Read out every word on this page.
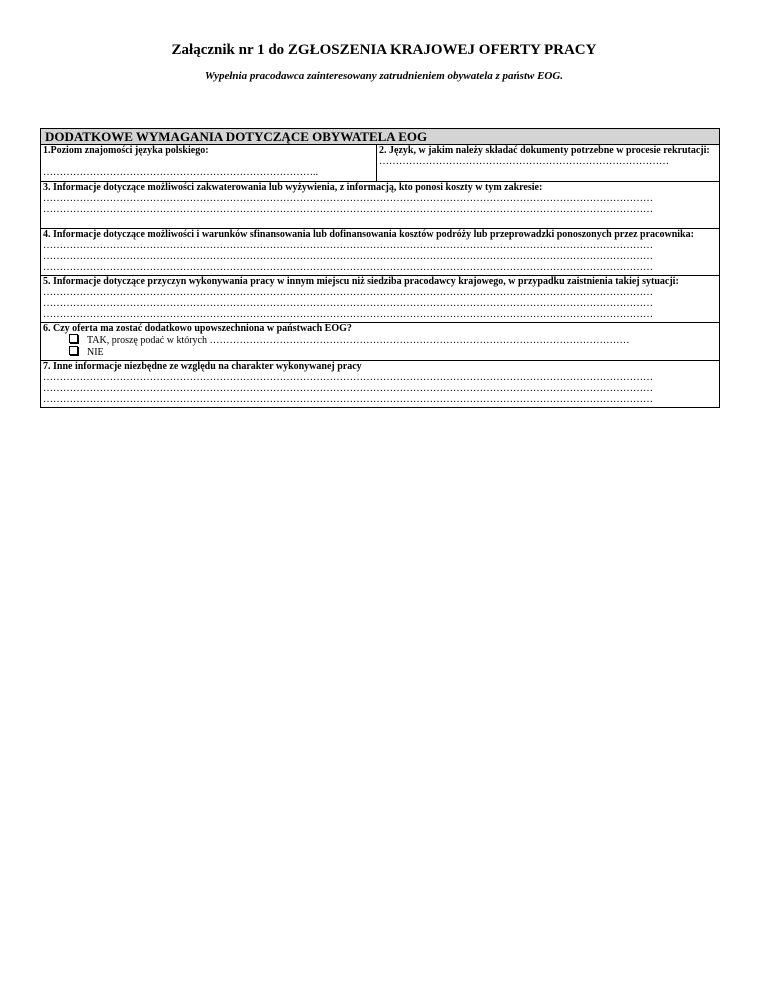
Załącznik nr 1 do ZGŁOSZENIA KRAJOWEJ OFERTY PRACY
Wypełnia pracodawca zainteresowany zatrudnieniem obywatela z państw EOG.
DODATKOWE WYMAGANIA DOTYCZĄCE OBYWATELA EOG
1.Poziom znajomości języka polskiego:
………………………………………………………………………..
2. Język, w jakim należy składać dokumenty potrzebne w procesie rekrutacji:
……………………………………………………………………………
3. Informacje dotyczące możliwości zakwaterowania lub wyżywienia, z informacją, kto ponosi koszty w tym zakresie:
…………………………………………………………………………………………………………………………………………………………………
…………………………………………………………………………………………………………………………………………………………………
4. Informacje dotyczące możliwości i warunków sfinansowania lub dofinansowania kosztów podróży lub przeprowadzki ponoszonych przez pracownika:
…………………………………………………………………………………………………………………………………………………………………
…………………………………………………………………………………………………………………………………………………………………
…………………………………………………………………………………………………………………………………………………………………
5. Informacje dotyczące przyczyn wykonywania pracy w innym miejscu niż siedziba pracodawcy krajowego, w przypadku zaistnienia takiej sytuacji:
…………………………………………………………………………………………………………………………………………………………………
…………………………………………………………………………………………………………………………………………………………………
…………………………………………………………………………………………………………………………………………………………………
6. Czy oferta ma zostać dodatkowo upowszechniona w państwach EOG?
TAK, proszę podać w których ………………………………………………………………………………………………………………
NIE
7. Inne informacje niezbędne ze względu na charakter wykonywanej pracy
…………………………………………………………………………………………………………………………………………………………………
…………………………………………………………………………………………………………………………………………………………………
…………………………………………………………………………………………………………………………………………………………………
